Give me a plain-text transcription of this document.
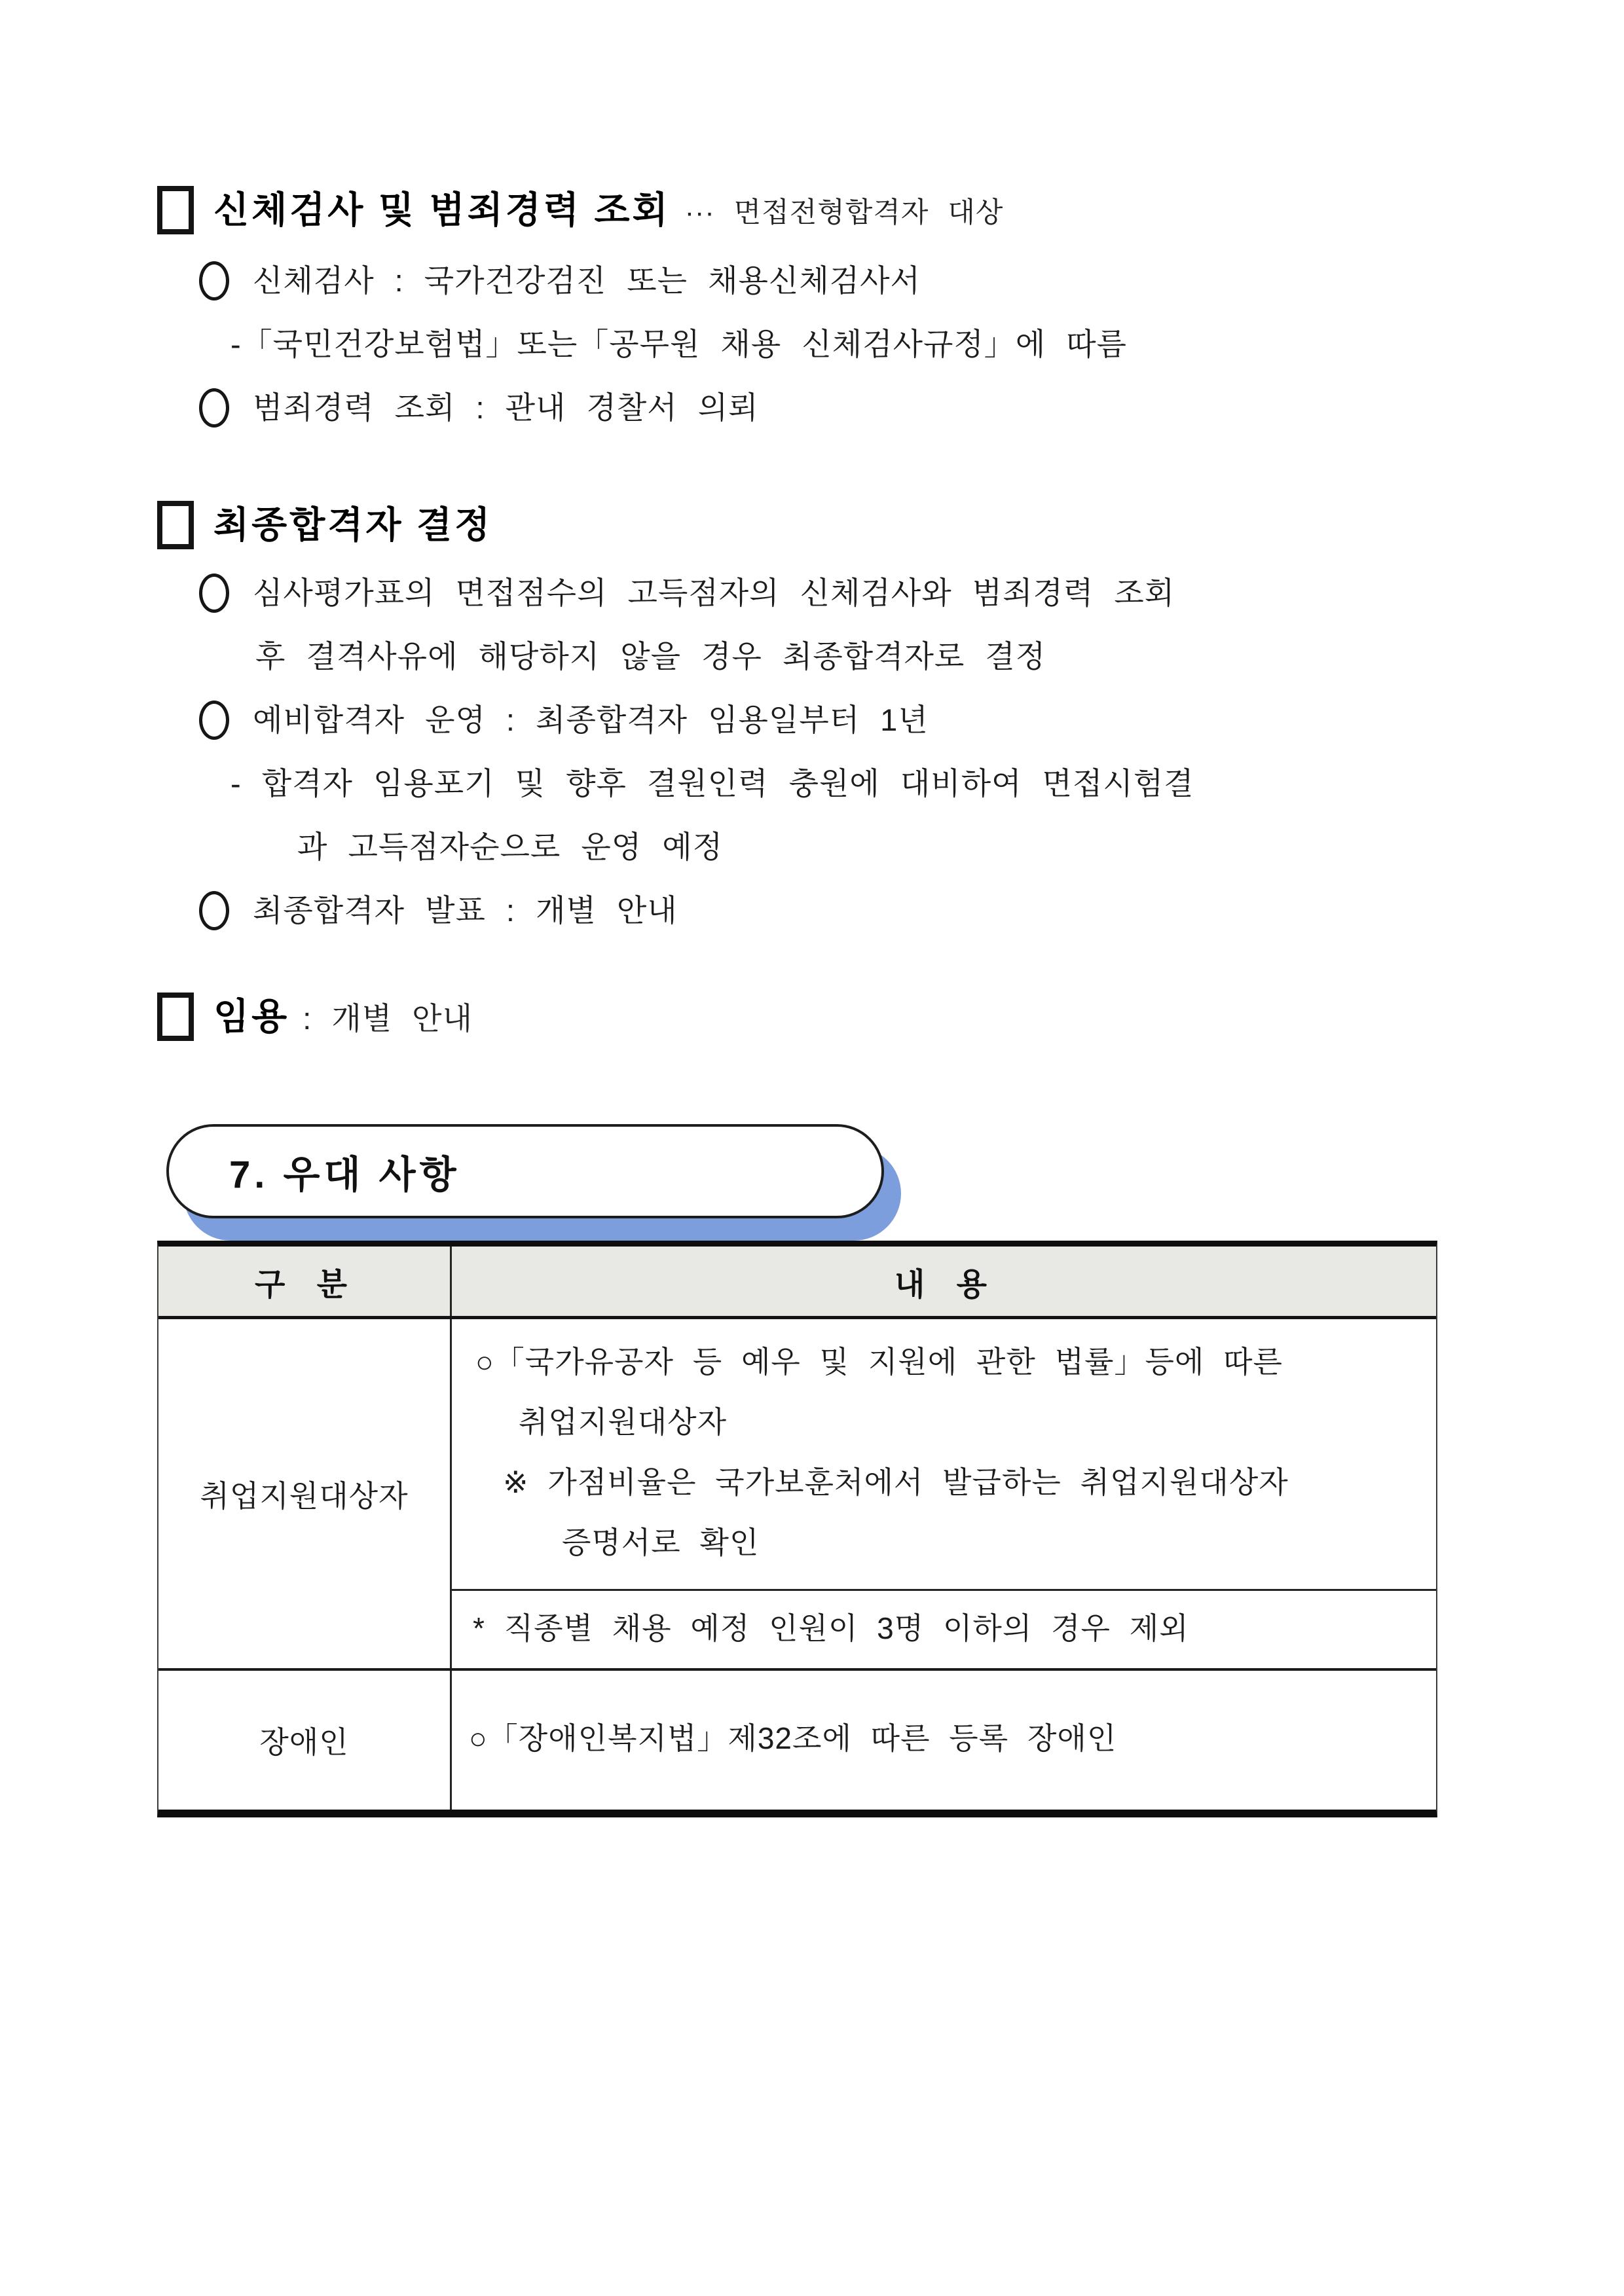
신체검사 및 범죄경력 조회 ··· 면접전형합격자 대상
신체검사 : 국가건강검진 또는 채용신체검사서
-「국민건강보험법」또는「공무원 채용 신체검사규정」에 따름
범죄경력 조회 : 관내 경찰서 의뢰
최종합격자 결정
심사평가표의 면접점수의 고득점자의 신체검사와 범죄경력 조회
후 결격사유에 해당하지 않을 경우 최종합격자로 결정
예비합격자 운영 : 최종합격자 임용일부터 1년
- 합격자 임용포기 및 향후 결원인력 충원에 대비하여 면접시험결
과 고득점자순으로 운영 예정
최종합격자 발표 : 개별 안내
임용 : 개별 안내
7. 우대 사항
구 분	내 용
취업지원대상자
○「국가유공자 등 예우 및 지원에 관한 법률」등에 따른
취업지원대상자
※ 가점비율은 국가보훈처에서 발급하는 취업지원대상자
증명서로 확인
* 직종별 채용 예정 인원이 3명 이하의 경우 제외
장애인	○「장애인복지법」제32조에 따른 등록 장애인
